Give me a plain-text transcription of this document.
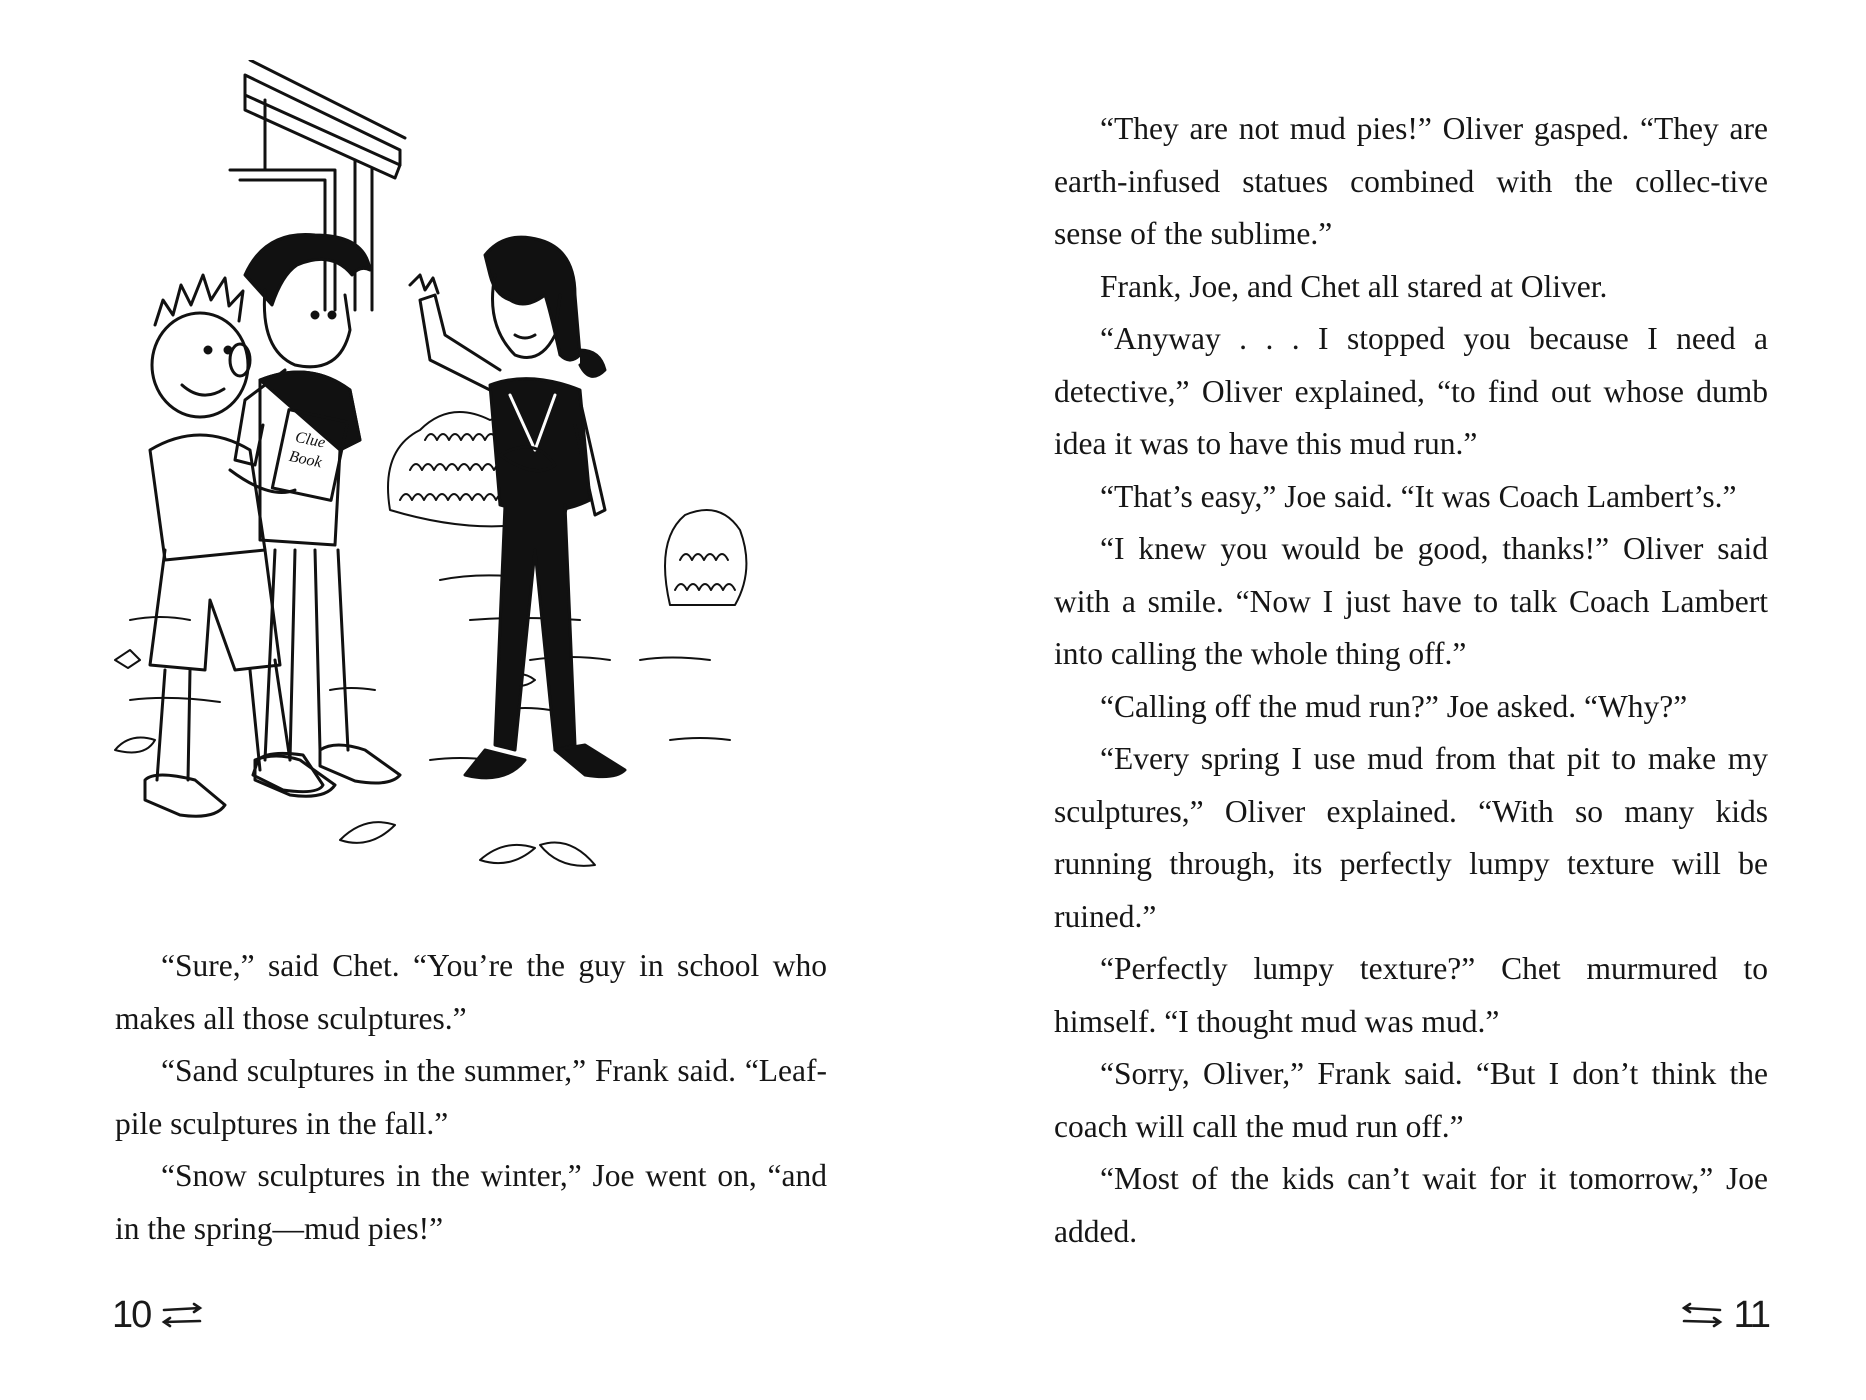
Clue
Book

“Sure,” said Chet. “You’re the guy in school who makes all those sculptures.”

“Sand sculptures in the summer,” Frank said. “Leaf-pile sculptures in the fall.”

“Snow sculptures in the winter,” Joe went on, “and in the spring—mud pies!”

10

“They are not mud pies!” Oliver gasped. “They are earth-infused statues combined with the collec-tive sense of the sublime.”

Frank, Joe, and Chet all stared at Oliver.

“Anyway . . . I stopped you because I need a detective,” Oliver explained, “to find out whose dumb idea it was to have this mud run.”

“That’s easy,” Joe said. “It was Coach Lambert’s.”

“I knew you would be good, thanks!” Oliver said with a smile. “Now I just have to talk Coach Lambert into calling the whole thing off.”

“Calling off the mud run?” Joe asked. “Why?”

“Every spring I use mud from that pit to make my sculptures,” Oliver explained. “With so many kids running through, its perfectly lumpy texture will be ruined.”

“Perfectly lumpy texture?” Chet murmured to himself. “I thought mud was mud.”

“Sorry, Oliver,” Frank said. “But I don’t think the coach will call the mud run off.”

“Most of the kids can’t wait for it tomorrow,” Joe added.

11
